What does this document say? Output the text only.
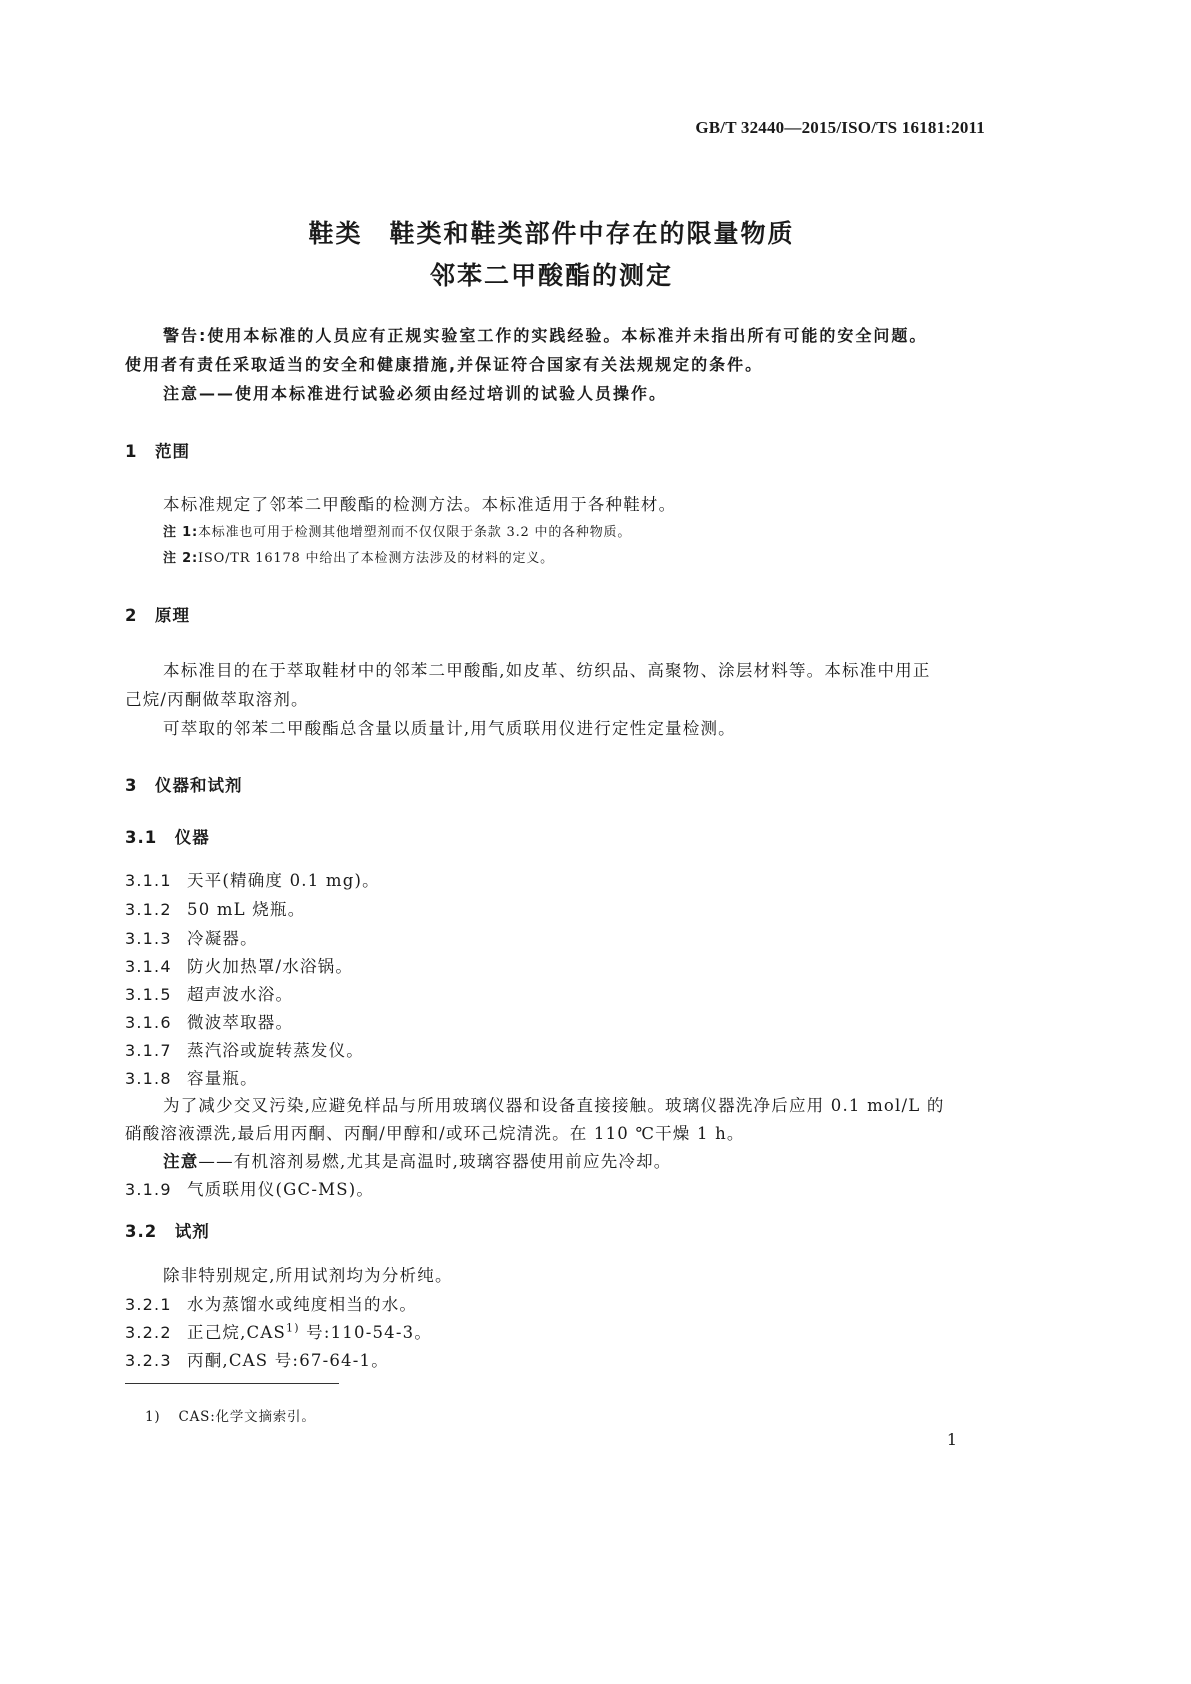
GB/T 32440—2015/ISO/TS 16181:2011
鞋类　鞋类和鞋类部件中存在的限量物质
邻苯二甲酸酯的测定
警告:使用本标准的人员应有正规实验室工作的实践经验。本标准并未指出所有可能的安全问题。
使用者有责任采取适当的安全和健康措施,并保证符合国家有关法规规定的条件。
注意——使用本标准进行试验必须由经过培训的试验人员操作。
1　范围
本标准规定了邻苯二甲酸酯的检测方法。本标准适用于各种鞋材。
注 1:本标准也可用于检测其他增塑剂而不仅仅限于条款 3.2 中的各种物质。
注 2:ISO/TR 16178 中给出了本检测方法涉及的材料的定义。
2　原理
本标准目的在于萃取鞋材中的邻苯二甲酸酯,如皮革、纺织品、高聚物、涂层材料等。本标准中用正
己烷/丙酮做萃取溶剂。
可萃取的邻苯二甲酸酯总含量以质量计,用气质联用仪进行定性定量检测。
3　仪器和试剂
3.1　仪器
3.1.1 天平(精确度 0.1 mg)。
3.1.2 50 mL 烧瓶。
3.1.3 冷凝器。
3.1.4 防火加热罩/水浴锅。
3.1.5 超声波水浴。
3.1.6 微波萃取器。
3.1.7 蒸汽浴或旋转蒸发仪。
3.1.8 容量瓶。
为了减少交叉污染,应避免样品与所用玻璃仪器和设备直接接触。玻璃仪器洗净后应用 0.1 mol/L 的
硝酸溶液漂洗,最后用丙酮、丙酮/甲醇和/或环己烷清洗。在 110 ℃干燥 1 h。
注意——有机溶剂易燃,尤其是高温时,玻璃容器使用前应先冷却。
3.1.9 气质联用仪(GC-MS)。
3.2　试剂
除非特别规定,所用试剂均为分析纯。
3.2.1 水为蒸馏水或纯度相当的水。
3.2.2 正己烷,CAS$^{1)}$ 号:110-54-3。
3.2.3 丙酮,CAS 号:67-64-1。
1) CAS:化学文摘索引。
1
